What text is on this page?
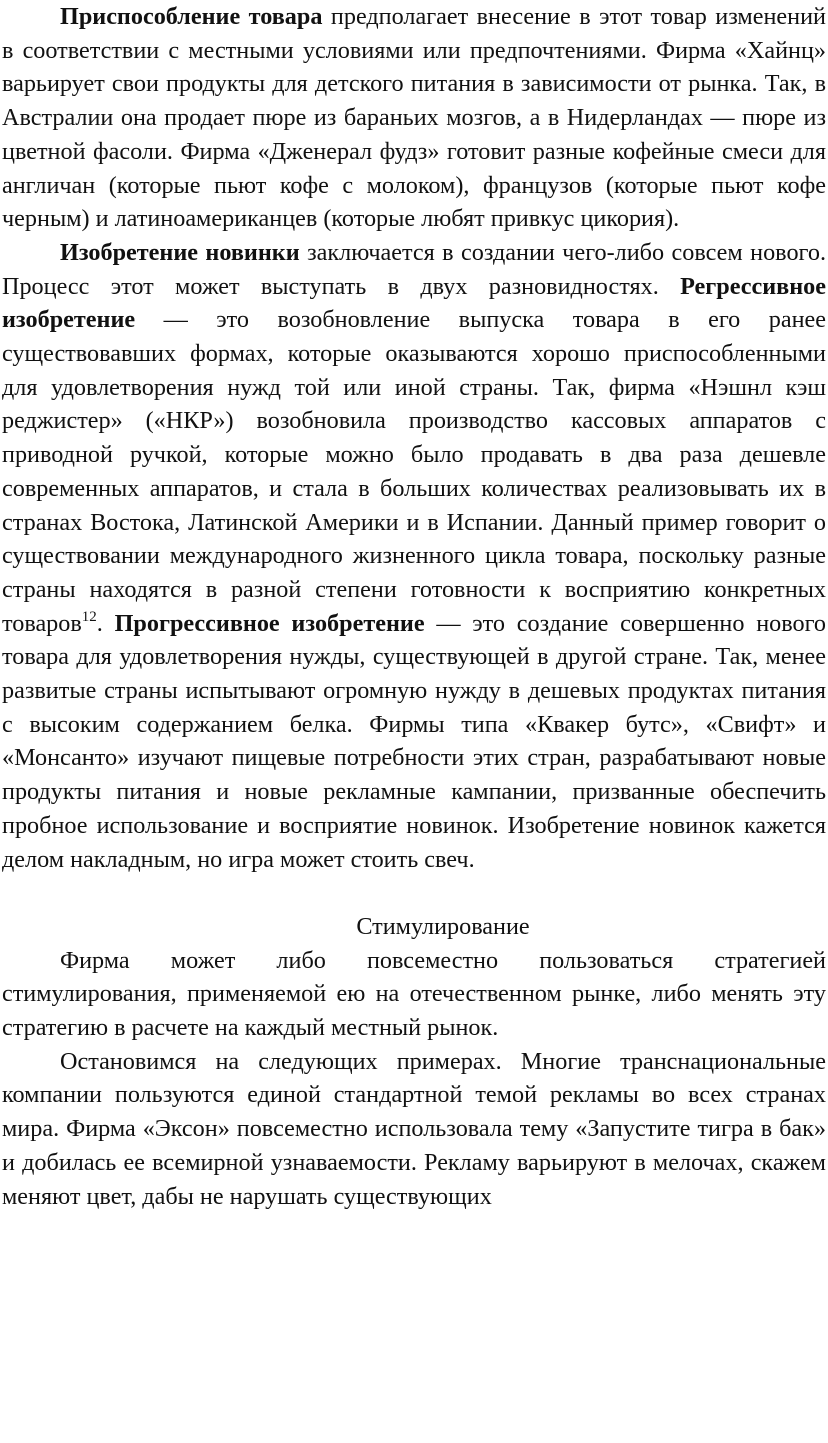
Приспособление товара предполагает внесение в этот товар изменений в соответствии с местными условиями или предпочтениями. Фирма «Хайнц» варьирует свои продукты для детского питания в зависимости от рынка. Так, в Австралии она продает пюре из бараньих мозгов, а в Нидерландах — пюре из цветной фасоли. Фирма «Дженерал фудз» готовит разные кофейные смеси для англичан (которые пьют кофе с молоком), французов (которые пьют кофе черным) и латиноамериканцев (которые любят привкус цикория).

Изобретение новинки заключается в создании чего-либо совсем нового. Процесс этот может выступать в двух разновидностях. Регрессивное изобретение — это возобновление выпуска товара в его ранее существовавших формах, которые оказываются хорошо приспособленными для удовлетворения нужд той или иной страны. Так, фирма «Нэшнл кэш реджистер» («НКР») возобновила производство кассовых аппаратов с приводной ручкой, которые можно было продавать в два раза дешевле современных аппаратов, и стала в больших количествах реализовывать их в странах Востока, Латинской Америки и в Испании. Данный пример говорит о существовании международного жизненного цикла товара, поскольку разные страны находятся в разной степени готовности к восприятию конкретных товаров$^{12}$. Прогрессивное изобретение — это создание совершенно нового товара для удовлетворения нужды, существующей в другой стране. Так, менее развитые страны испытывают огромную нужду в дешевых продуктах питания с высоким содержанием белка. Фирмы типа «Квакер бутс», «Свифт» и «Монсанто» изучают пищевые потребности этих стран, разрабатывают новые продукты питания и новые рекламные кампании, призванные обеспечить пробное использование и восприятие новинок. Изобретение новинок кажется делом накладным, но игра может стоить свеч.

Стимулирование

Фирма может либо повсеместно пользоваться стратегией стимулирования, применяемой ею на отечественном рынке, либо менять эту стратегию в расчете на каждый местный рынок.

Остановимся на следующих примерах. Многие транснациональные компании пользуются единой стандартной темой рекламы во всех странах мира. Фирма «Эксон» повсеместно использовала тему «Запустите тигра в бак» и добилась ее всемирной узнаваемости. Рекламу варьируют в мелочах, скажем меняют цвет, дабы не нарушать существующих
